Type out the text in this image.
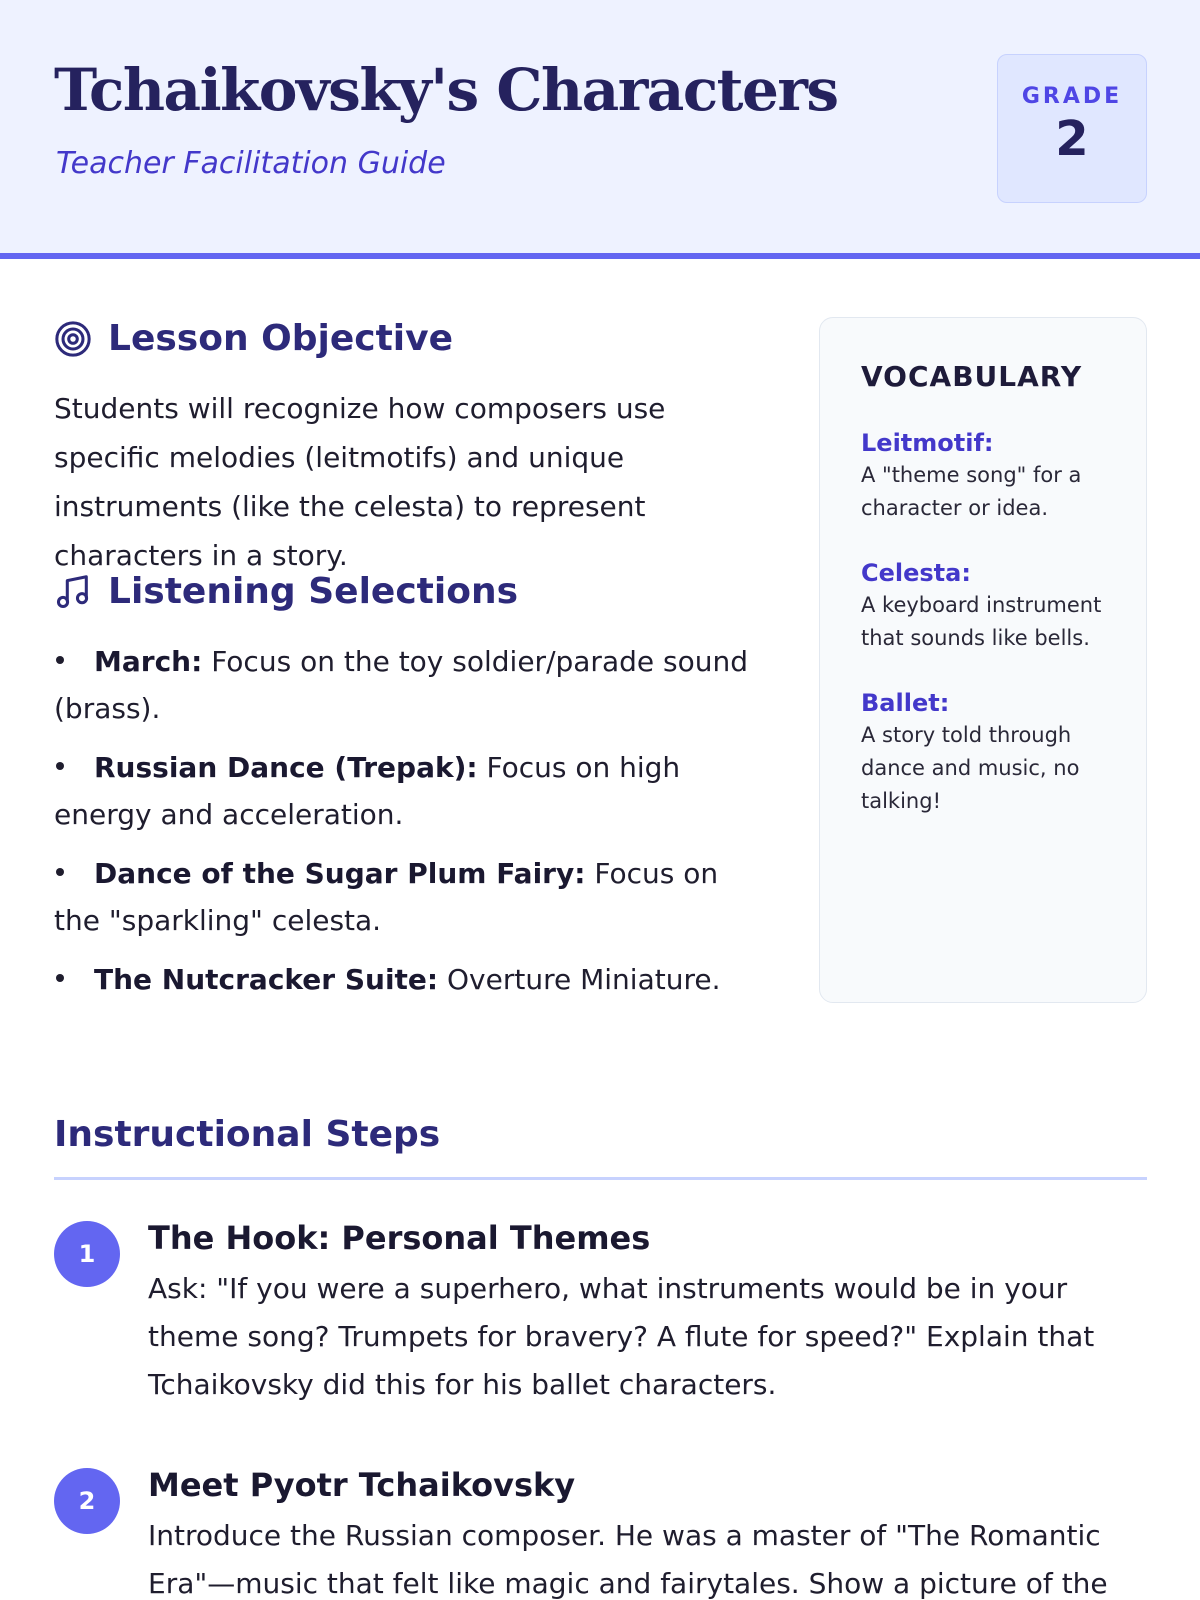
Tchaikovsky's Characters
Teacher Facilitation Guide
GRADE
2
Lesson Objective
Students will recognize how composers use specific melodies (leitmotifs) and unique instruments (like the celesta) to represent characters in a story.
Listening Selections
March: Focus on the toy soldier/parade sound (brass).
Russian Dance (Trepak): Focus on high energy and acceleration.
Dance of the Sugar Plum Fairy: Focus on the "sparkling" celesta.
The Nutcracker Suite: Overture Miniature.
VOCABULARY
Leitmotif:
A "theme song" for a character or idea.
Celesta:
A keyboard instrument that sounds like bells.
Ballet:
A story told through dance and music, no talking!
Instructional Steps
1	The Hook: Personal Themes
Ask: "If you were a superhero, what instruments would be in your theme song? Trumpets for bravery? A flute for speed?" Explain that Tchaikovsky did this for his ballet characters.
2	Meet Pyotr Tchaikovsky
Introduce the Russian composer. He was a master of "The Romantic Era"—music that felt like magic and fairytales. Show a picture of the
